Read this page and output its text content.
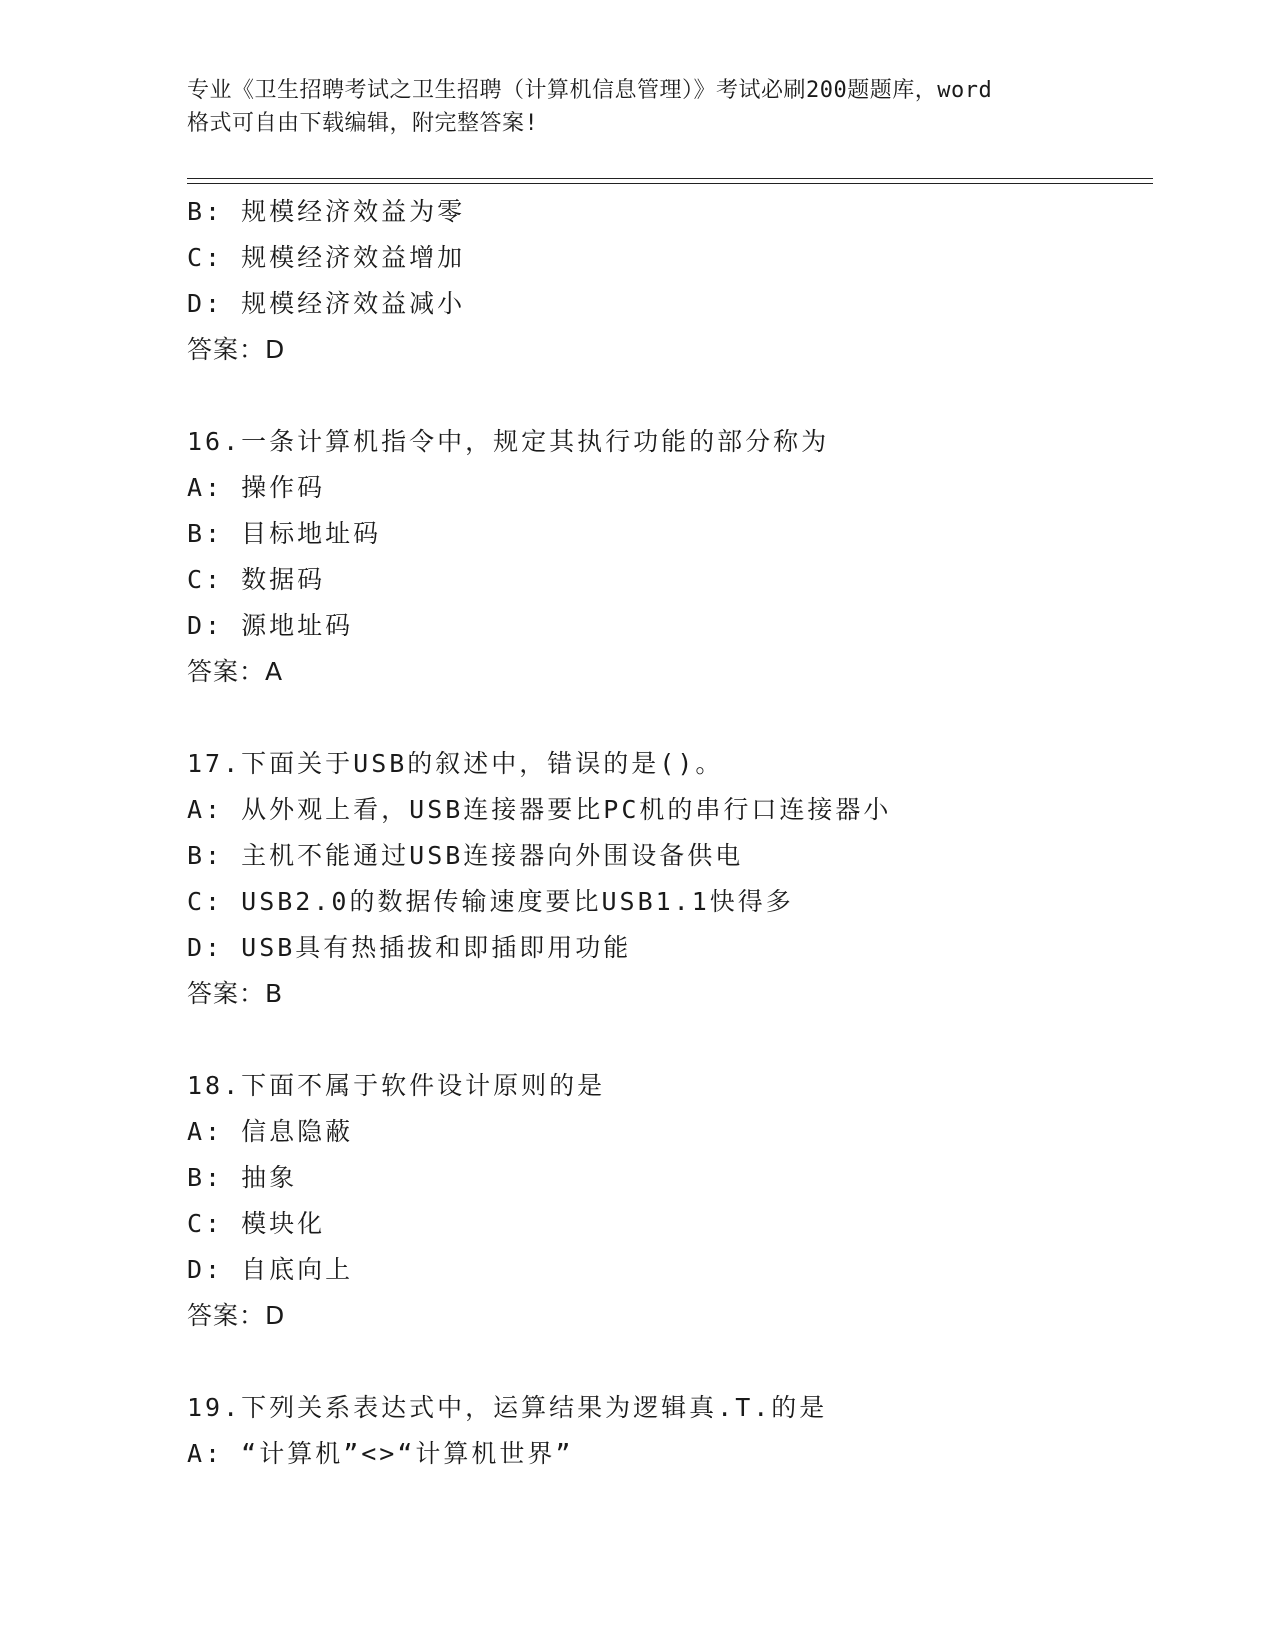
专业《卫生招聘考试之卫生招聘（计算机信息管理）》考试必刷200题题库，word
格式可自由下载编辑，附完整答案!
B: 规模经济效益为零
C: 规模经济效益增加
D: 规模经济效益减小
答案：D
16.一条计算机指令中，规定其执行功能的部分称为
A: 操作码
B: 目标地址码
C: 数据码
D: 源地址码
答案：A
17.下面关于USB的叙述中，错误的是()。
A: 从外观上看，USB连接器要比PC机的串行口连接器小
B: 主机不能通过USB连接器向外围设备供电
C: USB2.0的数据传输速度要比USB1.1快得多
D: USB具有热插拔和即插即用功能
答案：B
18.下面不属于软件设计原则的是
A: 信息隐蔽
B: 抽象
C: 模块化
D: 自底向上
答案：D
19.下列关系表达式中，运算结果为逻辑真.T.的是
A: “计算机”<>“计算机世界”
